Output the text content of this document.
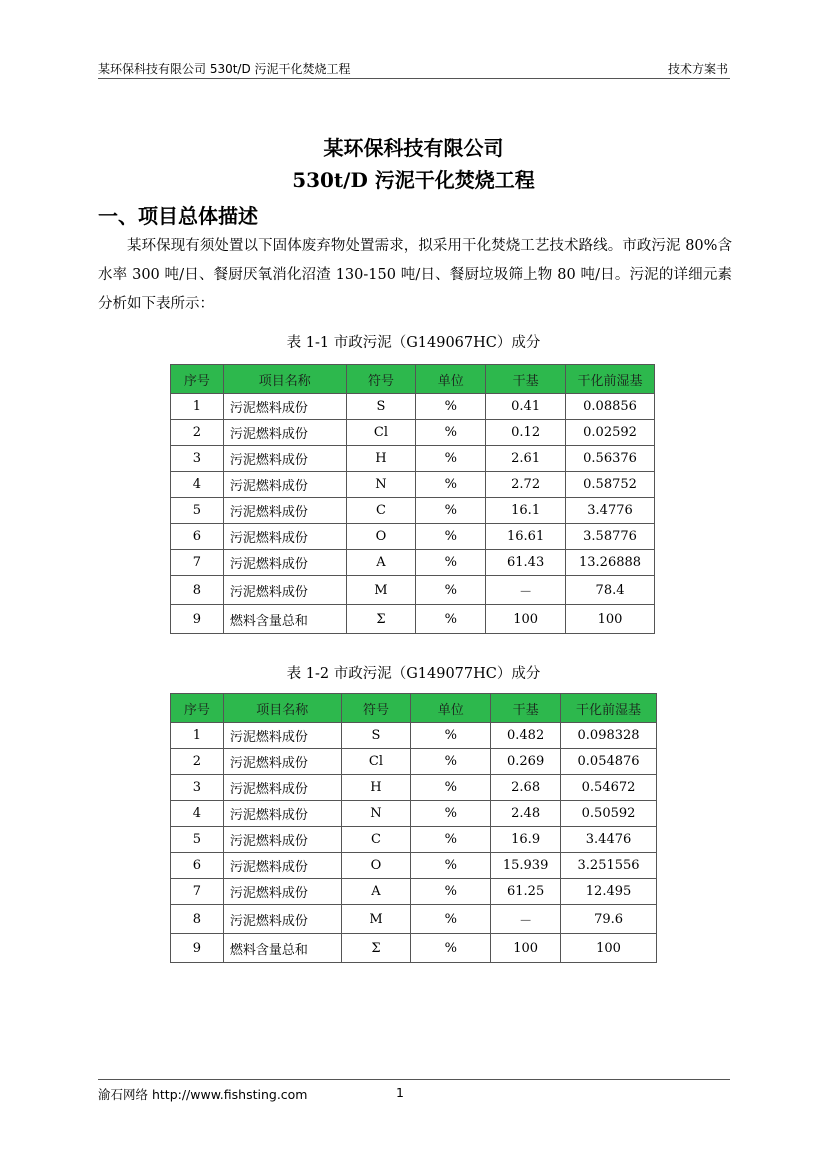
某环保科技有限公司 530t/D 污泥干化焚烧工程	技术方案书
某环保科技有限公司
530t/D 污泥干化焚烧工程
一、项目总体描述

某环保现有须处置以下固体废弃物处置需求，拟采用干化焚烧工艺技术路线。市政污泥 80%含水率 300 吨/日、餐厨厌氧消化沼渣 130-150 吨/日、餐厨垃圾筛上物 80 吨/日。污泥的详细元素分析如下表所示：

表 1-1 市政污泥（G149067HC）成分
序号	项目名称	符号	单位	干基	干化前湿基
1	污泥燃料成份	S	%	0.41	0.08856
2	污泥燃料成份	Cl	%	0.12	0.02592
3	污泥燃料成份	H	%	2.61	0.56376
4	污泥燃料成份	N	%	2.72	0.58752
5	污泥燃料成份	C	%	16.1	3.4776
6	污泥燃料成份	O	%	16.61	3.58776
7	污泥燃料成份	A	%	61.43	13.26888
8	污泥燃料成份	M	%	－	78.4
9	燃料含量总和	Σ	%	100	100
表 1-2 市政污泥（G149077HC）成分
序号	项目名称	符号	单位	干基	干化前湿基
1	污泥燃料成份	S	%	0.482	0.098328
2	污泥燃料成份	Cl	%	0.269	0.054876
3	污泥燃料成份	H	%	2.68	0.54672
4	污泥燃料成份	N	%	2.48	0.50592
5	污泥燃料成份	C	%	16.9	3.4476
6	污泥燃料成份	O	%	15.939	3.251556
7	污泥燃料成份	A	%	61.25	12.495
8	污泥燃料成份	M	%	－	79.6
9	燃料含量总和	Σ	%	100	100
渝石网络 http://www.fishsting.com	1
